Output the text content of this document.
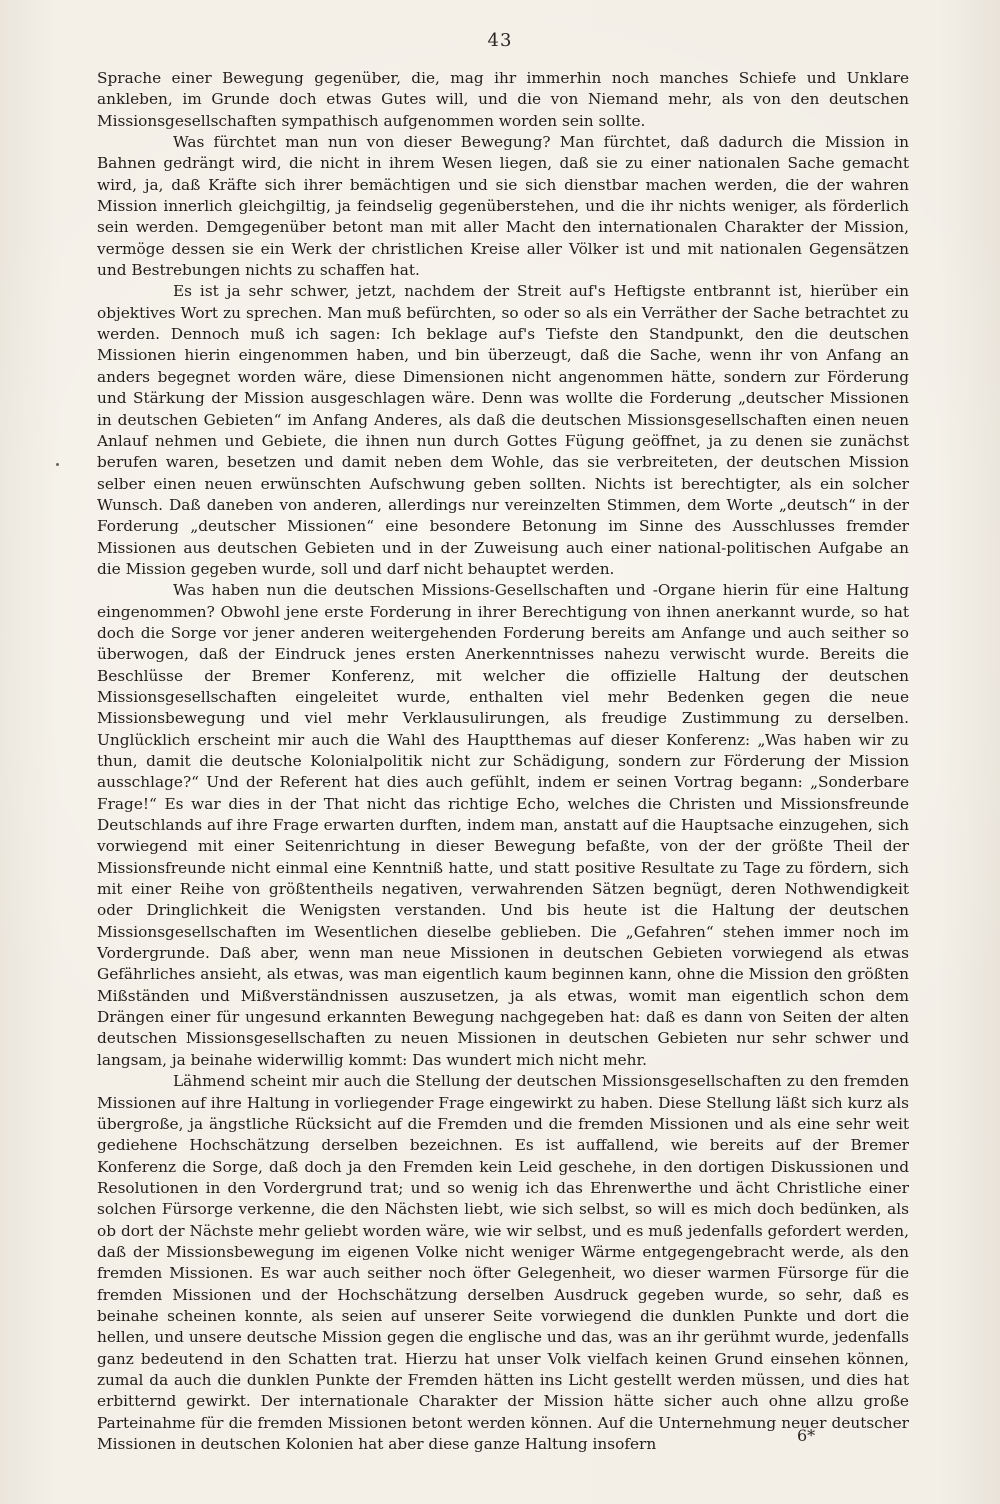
43

Sprache einer Bewegung gegenüber, die, mag ihr immerhin noch manches Schiefe und Unklare ankleben, im Grunde doch etwas Gutes will, und die von Niemand mehr, als von den deutschen Missionsgesellschaften sympathisch aufgenommen worden sein sollte.

Was fürchtet man nun von dieser Bewegung? Man fürchtet, daß dadurch die Mission in Bahnen gedrängt wird, die nicht in ihrem Wesen liegen, daß sie zu einer nationalen Sache gemacht wird, ja, daß Kräfte sich ihrer bemächtigen und sie sich dienstbar machen werden, die der wahren Mission innerlich gleichgiltig, ja feindselig gegenüberstehen, und die ihr nichts weniger, als förderlich sein werden. Demgegenüber betont man mit aller Macht den internationalen Charakter der Mission, vermöge dessen sie ein Werk der christlichen Kreise aller Völker ist und mit nationalen Gegensätzen und Bestrebungen nichts zu schaffen hat.

Es ist ja sehr schwer, jetzt, nachdem der Streit auf's Heftigste entbrannt ist, hierüber ein objektives Wort zu sprechen. Man muß befürchten, so oder so als ein Verräther der Sache betrachtet zu werden. Dennoch muß ich sagen: Ich beklage auf's Tiefste den Standpunkt, den die deutschen Missionen hierin eingenommen haben, und bin überzeugt, daß die Sache, wenn ihr von Anfang an anders begegnet worden wäre, diese Dimensionen nicht angenommen hätte, sondern zur Förderung und Stärkung der Mission ausgeschlagen wäre. Denn was wollte die Forderung „deutscher Missionen in deutschen Gebieten“ im Anfang Anderes, als daß die deutschen Missionsgesellschaften einen neuen Anlauf nehmen und Gebiete, die ihnen nun durch Gottes Fügung geöffnet, ja zu denen sie zunächst berufen waren, besetzen und damit neben dem Wohle, das sie verbreiteten, der deutschen Mission selber einen neuen erwünschten Aufschwung geben sollten. Nichts ist berechtigter, als ein solcher Wunsch. Daß daneben von anderen, allerdings nur vereinzelten Stimmen, dem Worte „deutsch“ in der Forderung „deutscher Missionen“ eine besondere Betonung im Sinne des Ausschlusses fremder Missionen aus deutschen Gebieten und in der Zuweisung auch einer national-politischen Aufgabe an die Mission gegeben wurde, soll und darf nicht behauptet werden.

Was haben nun die deutschen Missions-Gesellschaften und -Organe hierin für eine Haltung eingenommen? Obwohl jene erste Forderung in ihrer Berechtigung von ihnen anerkannt wurde, so hat doch die Sorge vor jener anderen weitergehenden Forderung bereits am Anfange und auch seither so überwogen, daß der Eindruck jenes ersten Anerkenntnisses nahezu verwischt wurde. Bereits die Beschlüsse der Bremer Konferenz, mit welcher die offizielle Haltung der deutschen Missionsgesellschaften eingeleitet wurde, enthalten viel mehr Bedenken gegen die neue Missionsbewegung und viel mehr Verklausulirungen, als freudige Zustimmung zu derselben. Unglücklich erscheint mir auch die Wahl des Hauptthemas auf dieser Konferenz: „Was haben wir zu thun, damit die deutsche Kolonialpolitik nicht zur Schädigung, sondern zur Förderung der Mission ausschlage?“ Und der Referent hat dies auch gefühlt, indem er seinen Vortrag begann: „Sonderbare Frage!“ Es war dies in der That nicht das richtige Echo, welches die Christen und Missionsfreunde Deutschlands auf ihre Frage erwarten durften, indem man, anstatt auf die Hauptsache einzugehen, sich vorwiegend mit einer Seitenrichtung in dieser Bewegung befaßte, von der der größte Theil der Missionsfreunde nicht einmal eine Kenntniß hatte, und statt positive Resultate zu Tage zu fördern, sich mit einer Reihe von größtentheils negativen, verwahrenden Sätzen begnügt, deren Nothwendigkeit oder Dringlichkeit die Wenigsten verstanden. Und bis heute ist die Haltung der deutschen Missionsgesellschaften im Wesentlichen dieselbe geblieben. Die „Gefahren“ stehen immer noch im Vordergrunde. Daß aber, wenn man neue Missionen in deutschen Gebieten vorwiegend als etwas Gefährliches ansieht, als etwas, was man eigentlich kaum beginnen kann, ohne die Mission den größten Mißständen und Mißverständnissen auszusetzen, ja als etwas, womit man eigentlich schon dem Drängen einer für ungesund erkannten Bewegung nachgegeben hat: daß es dann von Seiten der alten deutschen Missionsgesellschaften zu neuen Missionen in deutschen Gebieten nur sehr schwer und langsam, ja beinahe widerwillig kommt: Das wundert mich nicht mehr.

Lähmend scheint mir auch die Stellung der deutschen Missionsgesellschaften zu den fremden Missionen auf ihre Haltung in vorliegender Frage eingewirkt zu haben. Diese Stellung läßt sich kurz als übergroße, ja ängstliche Rücksicht auf die Fremden und die fremden Missionen und als eine sehr weit gediehene Hochschätzung derselben bezeichnen. Es ist auffallend, wie bereits auf der Bremer Konferenz die Sorge, daß doch ja den Fremden kein Leid geschehe, in den dortigen Diskussionen und Resolutionen in den Vordergrund trat; und so wenig ich das Ehrenwerthe und ächt Christliche einer solchen Fürsorge verkenne, die den Nächsten liebt, wie sich selbst, so will es mich doch bedünken, als ob dort der Nächste mehr geliebt worden wäre, wie wir selbst, und es muß jedenfalls gefordert werden, daß der Missionsbewegung im eigenen Volke nicht weniger Wärme entgegengebracht werde, als den fremden Missionen. Es war auch seither noch öfter Gelegenheit, wo dieser warmen Fürsorge für die fremden Missionen und der Hochschätzung derselben Ausdruck gegeben wurde, so sehr, daß es beinahe scheinen konnte, als seien auf unserer Seite vorwiegend die dunklen Punkte und dort die hellen, und unsere deutsche Mission gegen die englische und das, was an ihr gerühmt wurde, jedenfalls ganz bedeutend in den Schatten trat. Hierzu hat unser Volk vielfach keinen Grund einsehen können, zumal da auch die dunklen Punkte der Fremden hätten ins Licht gestellt werden müssen, und dies hat erbitternd gewirkt. Der internationale Charakter der Mission hätte sicher auch ohne allzu große Parteinahme für die fremden Missionen betont werden können. Auf die Unternehmung neuer deutscher Missionen in deutschen Kolonien hat aber diese ganze Haltung insofern	6*
